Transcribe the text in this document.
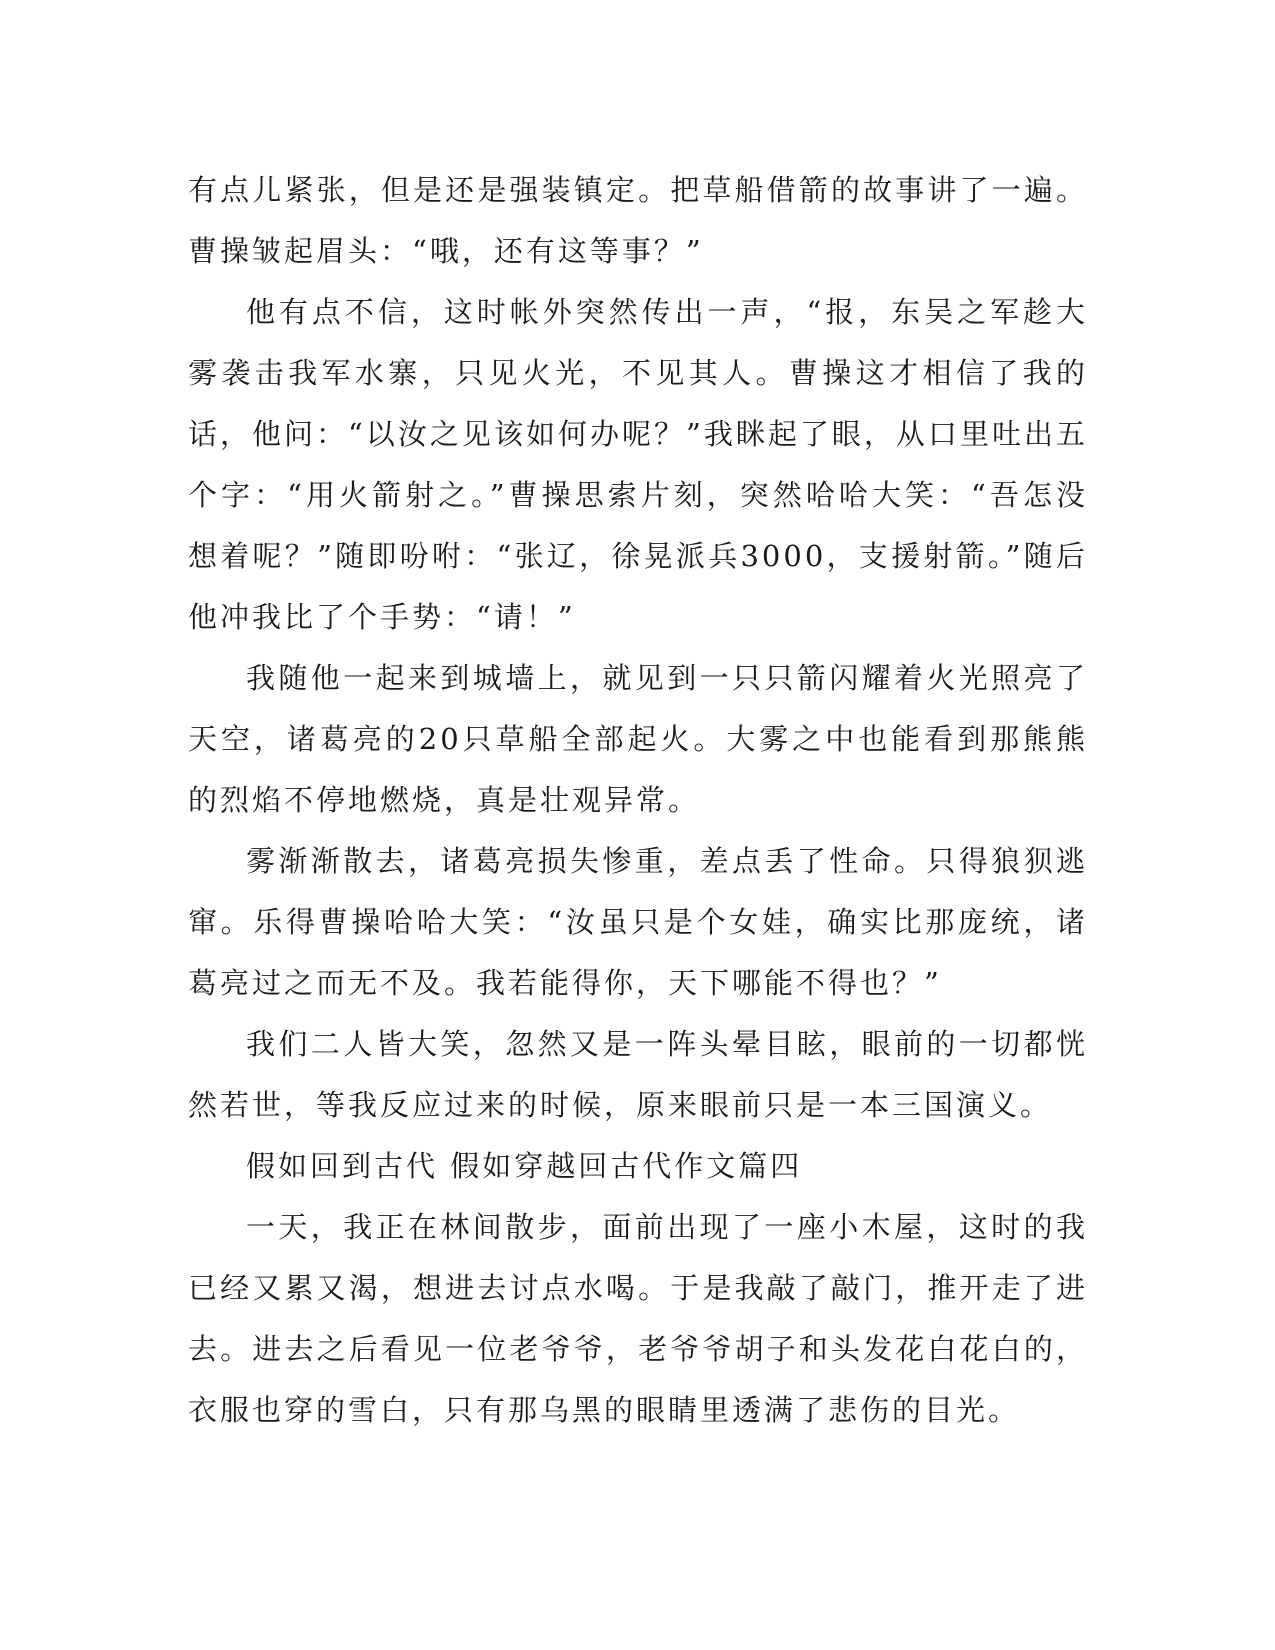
有点儿紧张，但是还是强装镇定。把草船借箭的故事讲了一遍。曹操皱起眉头：“哦，还有这等事？”

他有点不信，这时帐外突然传出一声，“报，东吴之军趁大雾袭击我军水寨，只见火光，不见其人。曹操这才相信了我的话，他问：“以汝之见该如何办呢？”我眯起了眼，从口里吐出五个字：“用火箭射之。”曹操思索片刻，突然哈哈大笑：“吾怎没想着呢？”随即吩咐：“张辽，徐晃派兵3000，支援射箭。”随后他冲我比了个手势：“请！”

我随他一起来到城墙上，就见到一只只箭闪耀着火光照亮了天空，诸葛亮的20只草船全部起火。大雾之中也能看到那熊熊的烈焰不停地燃烧，真是壮观异常。

雾渐渐散去，诸葛亮损失惨重，差点丢了性命。只得狼狈逃窜。乐得曹操哈哈大笑：“汝虽只是个女娃，确实比那庞统，诸葛亮过之而无不及。我若能得你，天下哪能不得也？”

我们二人皆大笑，忽然又是一阵头晕目眩，眼前的一切都恍然若世，等我反应过来的时候，原来眼前只是一本三国演义。

假如回到古代 假如穿越回古代作文篇四

一天，我正在林间散步，面前出现了一座小木屋，这时的我已经又累又渴，想进去讨点水喝。于是我敲了敲门，推开走了进去。进去之后看见一位老爷爷，老爷爷胡子和头发花白花白的，衣服也穿的雪白，只有那乌黑的眼睛里透满了悲伤的目光。
